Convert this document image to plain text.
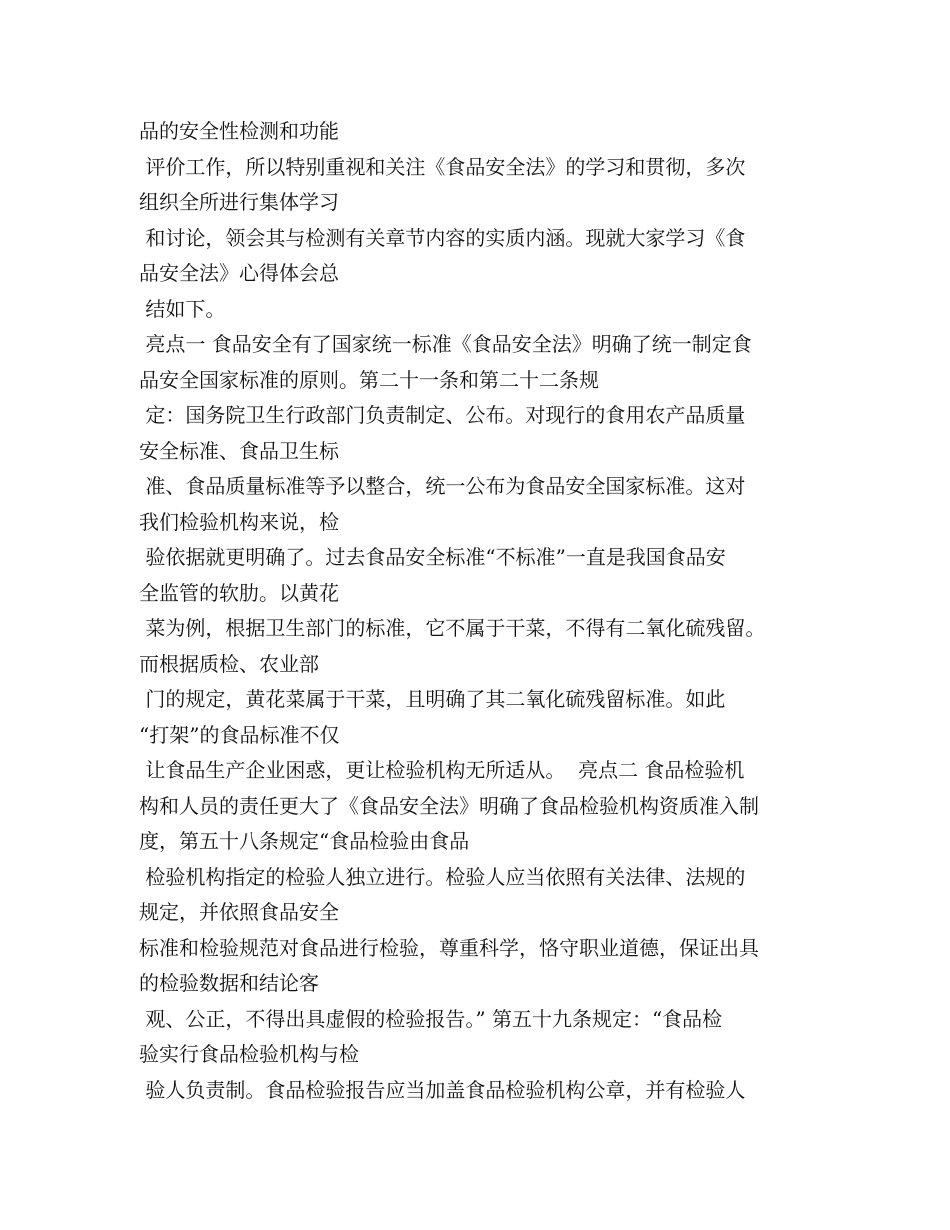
品的安全性检测和功能
评价工作，所以特别重视和关注《食品安全法》的学习和贯彻，多次
组织全所进行集体学习
和讨论，领会其与检测有关章节内容的实质内涵。现就大家学习《食
品安全法》心得体会总
结如下。
亮点一 食品安全有了国家统一标准《食品安全法》明确了统一制定食
品安全国家标准的原则。第二十一条和第二十二条规
定：国务院卫生行政部门负责制定、公布。对现行的食用农产品质量
安全标准、食品卫生标
准、食品质量标准等予以整合，统一公布为食品安全国家标准。这对
我们检验机构来说，检
验依据就更明确了。过去食品安全标准“不标准”一直是我国食品安
全监管的软肋。以黄花
菜为例，根据卫生部门的标准，它不属于干菜，不得有二氧化硫残留。
而根据质检、农业部
门的规定，黄花菜属于干菜，且明确了其二氧化硫残留标准。如此
“打架”的食品标准不仅
让食品生产企业困惑，更让检验机构无所适从。  亮点二 食品检验机
构和人员的责任更大了《食品安全法》明确了食品检验机构资质准入制
度，第五十八条规定“食品检验由食品
检验机构指定的检验人独立进行。检验人应当依照有关法律、法规的
规定，并依照食品安全
标准和检验规范对食品进行检验，尊重科学，恪守职业道德，保证出具
的检验数据和结论客
观、公正，不得出具虚假的检验报告。” 第五十九条规定：“食品检
验实行食品检验机构与检
验人负责制。食品检验报告应当加盖食品检验机构公章，并有检验人
